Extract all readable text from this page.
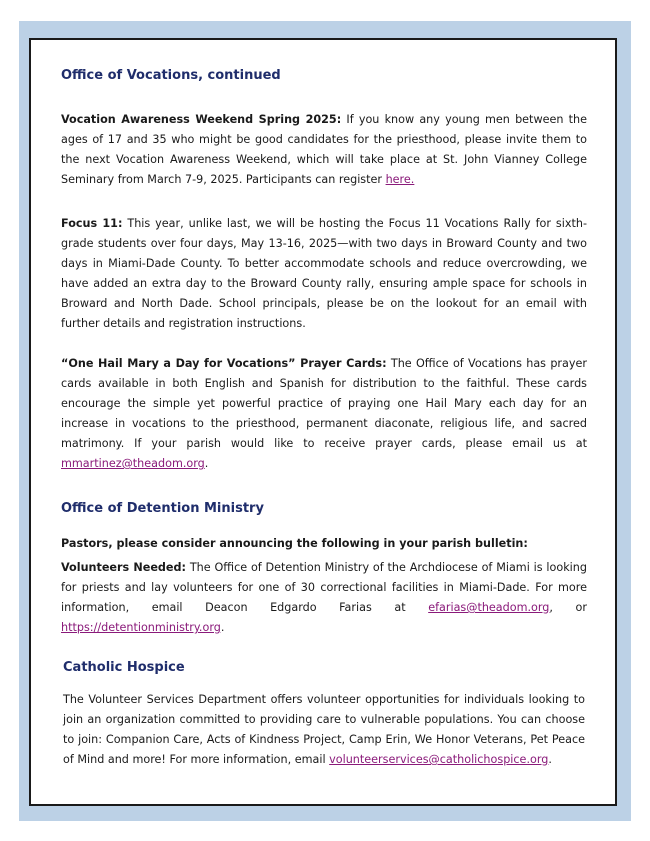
Office of Vocations, continued

Vocation Awareness Weekend Spring 2025: If you know any young men between the ages of 17 and 35 who might be good candidates for the priesthood, please invite them to the next Vocation Awareness Weekend, which will take place at St. John Vianney College Seminary from March 7-9, 2025. Participants can register here.

Focus 11: This year, unlike last, we will be hosting the Focus 11 Vocations Rally for sixth-grade students over four days, May 13-16, 2025—with two days in Broward County and two days in Miami-Dade County. To better accommodate schools and reduce overcrowding, we have added an extra day to the Broward County rally, ensuring ample space for schools in Broward and North Dade. School principals, please be on the lookout for an email with further details and registration instructions.

“One Hail Mary a Day for Vocations” Prayer Cards: The Office of Vocations has prayer cards available in both English and Spanish for distribution to the faithful. These cards encourage the simple yet powerful practice of praying one Hail Mary each day for an increase in vocations to the priesthood, permanent diaconate, religious life, and sacred matrimony. If your parish would like to receive prayer cards, please email us at mmartinez@theadom.org.

Office of Detention Ministry

Pastors, please consider announcing the following in your parish bulletin:

Volunteers Needed: The Office of Detention Ministry of the Archdiocese of Miami is looking for priests and lay volunteers for one of 30 correctional facilities in Miami-Dade. For more information, email Deacon Edgardo Farias at efarias@theadom.org, or https://detentionministry.org.

Catholic Hospice

The Volunteer Services Department offers volunteer opportunities for individuals looking to join an organization committed to providing care to vulnerable populations. You can choose to join: Companion Care, Acts of Kindness Project, Camp Erin, We Honor Veterans, Pet Peace of Mind and more! For more information, email volunteerservices@catholichospice.org.
